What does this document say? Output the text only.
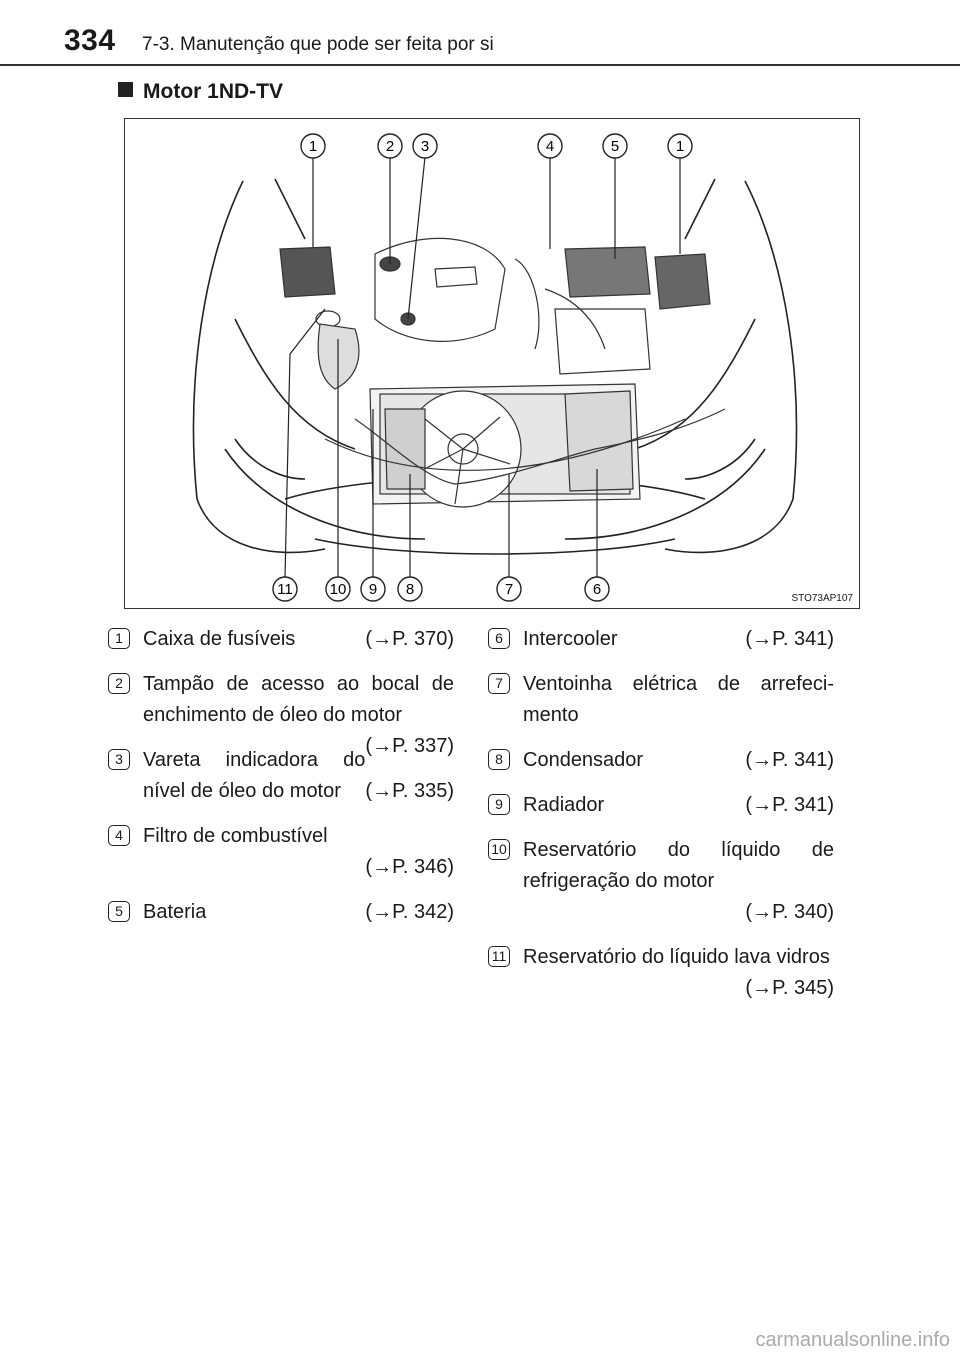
334 7-3. Manutenção que pode ser feita por si
Motor 1ND-TV
1	2 3	4	5	1
11 10 9 8	7	6
STO73AP107
1	Caixa de fusíveis	(→P. 370)
2	Tampão de acesso ao bocal de enchimento de óleo do motor
(→P. 337)
3	Vareta indicadora do nível de óleo do motor (→P. 335)
4	Filtro de combustível
(→P. 346)
5	Bateria	(→P. 342)
6	Intercooler	(→P. 341)
7	Ventoinha elétrica de arrefeci-mento
8	Condensador	(→P. 341)
9	Radiador	(→P. 341)
10 Reservatório do líquido de refrigeração do motor
(→P. 340)
11 Reservatório do líquido lava vidros
(→P. 345)
carmanualsonline.info
